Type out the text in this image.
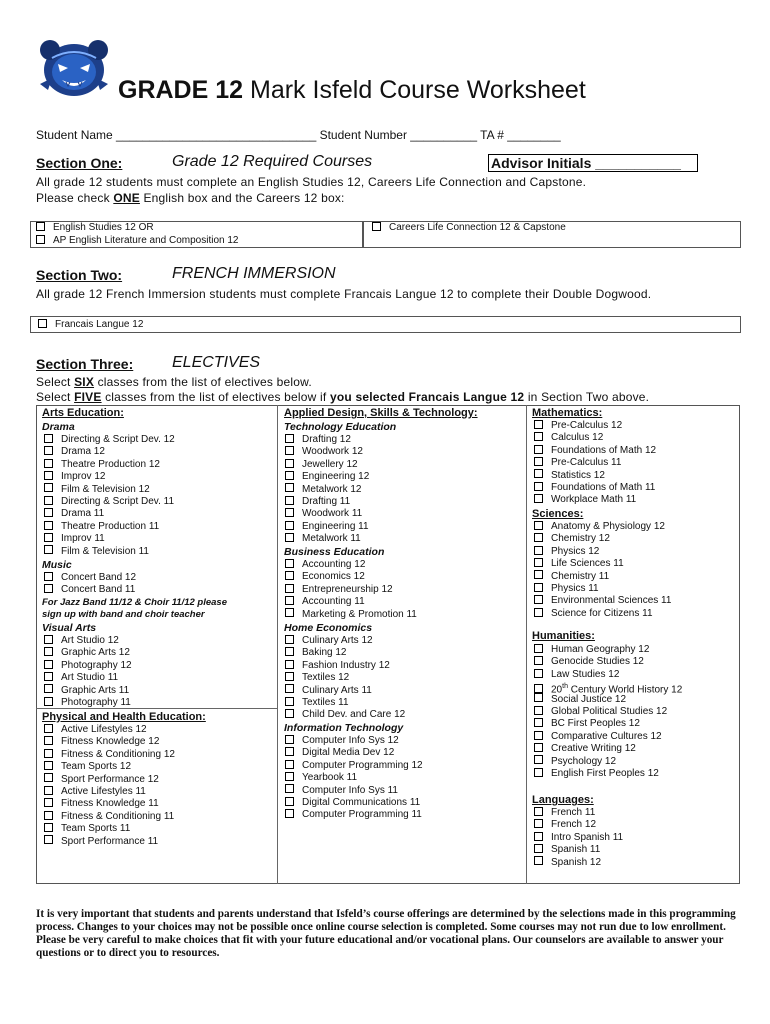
GRADE 12 Mark Isfeld Course Worksheet
Student Name ______________________________ Student Number __________ TA # ________
Section One:	Grade 12 Required Courses	Advisor Initials ___________
All grade 12 students must complete an English Studies 12, Careers Life Connection and Capstone.
Please check ONE English box and the Careers 12 box:
English Studies 12 OR
AP English Literature and Composition 12
Careers Life Connection 12 & Capstone
Section Two:	FRENCH IMMERSION
All grade 12 French Immersion students must complete Francais Langue 12 to complete their Double Dogwood.
Francais Langue 12
Section Three: ELECTIVES
Select SIX classes from the list of electives below.
Select FIVE classes from the list of electives below if you selected Francais Langue 12 in Section Two above.
Arts Education:
Drama
Directing & Script Dev. 12
Drama 12
Theatre Production 12
Improv 12
Film & Television 12
Directing & Script Dev. 11
Drama 11
Theatre Production 11
Improv 11
Film & Television 11
Music
Concert Band 12
Concert Band 11
For Jazz Band 11/12 & Choir 11/12 please
sign up with band and choir teacher
Visual Arts
Art Studio 12
Graphic Arts 12
Photography 12
Art Studio 11
Graphic Arts 11
Photography 11
Physical and Health Education:
Active Lifestyles 12
Fitness Knowledge 12
Fitness & Conditioning 12
Team Sports 12
Sport Performance 12
Active Lifestyles 11
Fitness Knowledge 11
Fitness & Conditioning 11
Team Sports 11
Sport Performance 11
Applied Design, Skills & Technology:
Technology Education
Drafting 12
Woodwork 12
Jewellery 12
Engineering 12
Metalwork 12
Drafting 11
Woodwork 11
Engineering 11
Metalwork 11
Business Education
Accounting 12
Economics 12
Entrepreneurship 12
Accounting 11
Marketing & Promotion 11
Home Economics
Culinary Arts 12
Baking 12
Fashion Industry 12
Textiles 12
Culinary Arts 11
Textiles 11
Child Dev. and Care 12
Information Technology
Computer Info Sys 12
Digital Media Dev 12
Computer Programming 12
Yearbook 11
Computer Info Sys 11
Digital Communications 11
Computer Programming 11
Mathematics:
Pre-Calculus 12
Calculus 12
Foundations of Math 12
Pre-Calculus 11
Statistics 12
Foundations of Math 11
Workplace Math 11
Sciences:
Anatomy & Physiology 12
Chemistry 12
Physics 12
Life Sciences 11
Chemistry 11
Physics 11
Environmental Sciences 11
Science for Citizens 11
Humanities:
Human Geography 12
Genocide Studies 12
Law Studies 12
20th Century World History 12
Social Justice 12
Global Political Studies 12
BC First Peoples 12
Comparative Cultures 12
Creative Writing 12
Psychology 12
English First Peoples 12
Languages:
French 11
French 12
Intro Spanish 11
Spanish 11
Spanish 12
It is very important that students and parents understand that Isfeld’s course offerings are determined by the selections made in this programming process. Changes to your choices may not be possible once online course selection is completed. Some courses may not run due to low enrollment. Please be very careful to make choices that fit with your future educational and/or vocational plans. Our counselors are available to answer your questions or to direct you to resources.
